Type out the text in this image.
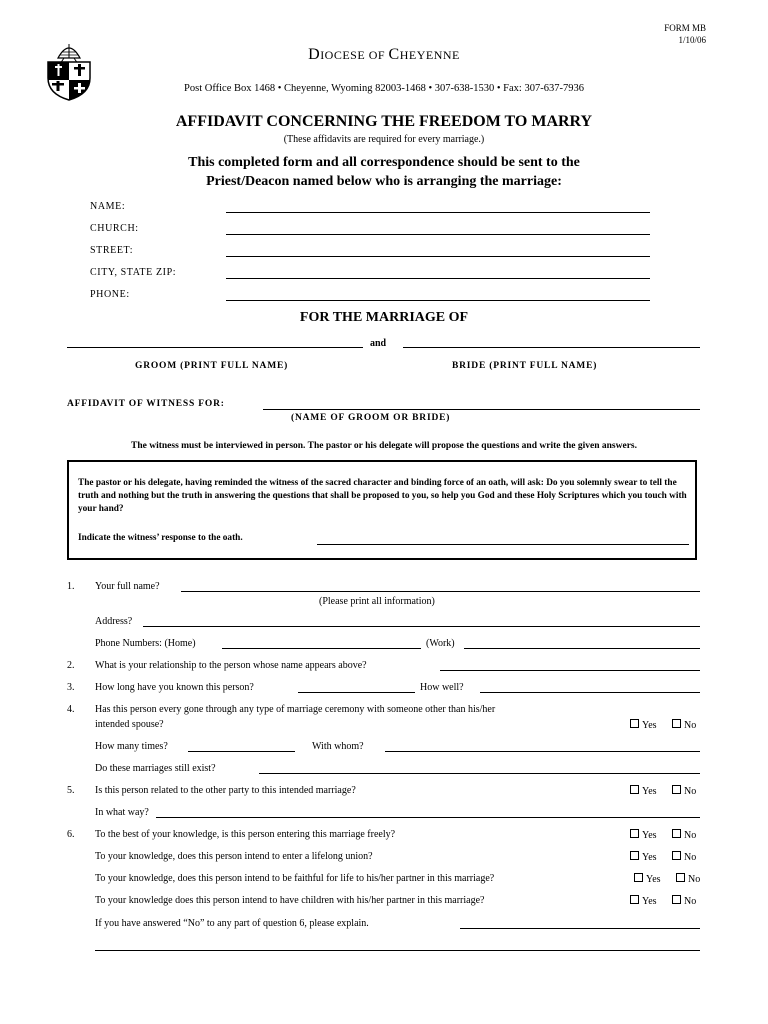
FORM MB
1/10/06
DIOCESE OF CHEYENNE
Post Office Box 1468 • Cheyenne, Wyoming 82003-1468 • 307-638-1530 • Fax: 307-637-7936
AFFIDAVIT CONCERNING THE FREEDOM TO MARRY
(These affidavits are required for every marriage.)
This completed form and all correspondence should be sent to the
Priest/Deacon named below who is arranging the marriage:
NAME:
CHURCH:
STREET:
CITY, STATE ZIP:
PHONE:
FOR THE MARRIAGE OF
and
GROOM (PRINT FULL NAME)	BRIDE (PRINT FULL NAME)
AFFIDAVIT OF WITNESS FOR:
(NAME OF GROOM OR BRIDE)
The witness must be interviewed in person. The pastor or his delegate will propose the questions and write the given answers.
The pastor or his delegate, having reminded the witness of the sacred character and binding force of an oath, will ask: Do you solemnly swear to tell the truth and nothing but the truth in answering the questions that shall be proposed to you, so help you God and these Holy Scriptures which you touch with your hand?
Indicate the witness’ response to the oath.
1. Your full name?
(Please print all information)
Address?
Phone Numbers: (Home)	(Work)
2. What is your relationship to the person whose name appears above?
3. How long have you known this person?	How well?
4. Has this person every gone through any type of marriage ceremony with someone other than his/her
intended spouse?	Yes	No
How many times?	With whom?
Do these marriages still exist?
5. Is this person related to the other party to this intended marriage?	Yes	No
In what way?
6. To the best of your knowledge, is this person entering this marriage freely?	Yes	No
To your knowledge, does this person intend to enter a lifelong union?	Yes	No
To your knowledge, does this person intend to be faithful for life to his/her partner in this marriage?	Yes	No
To your knowledge does this person intend to have children with his/her partner in this marriage?	Yes	No
If you have answered “No” to any part of question 6, please explain.
